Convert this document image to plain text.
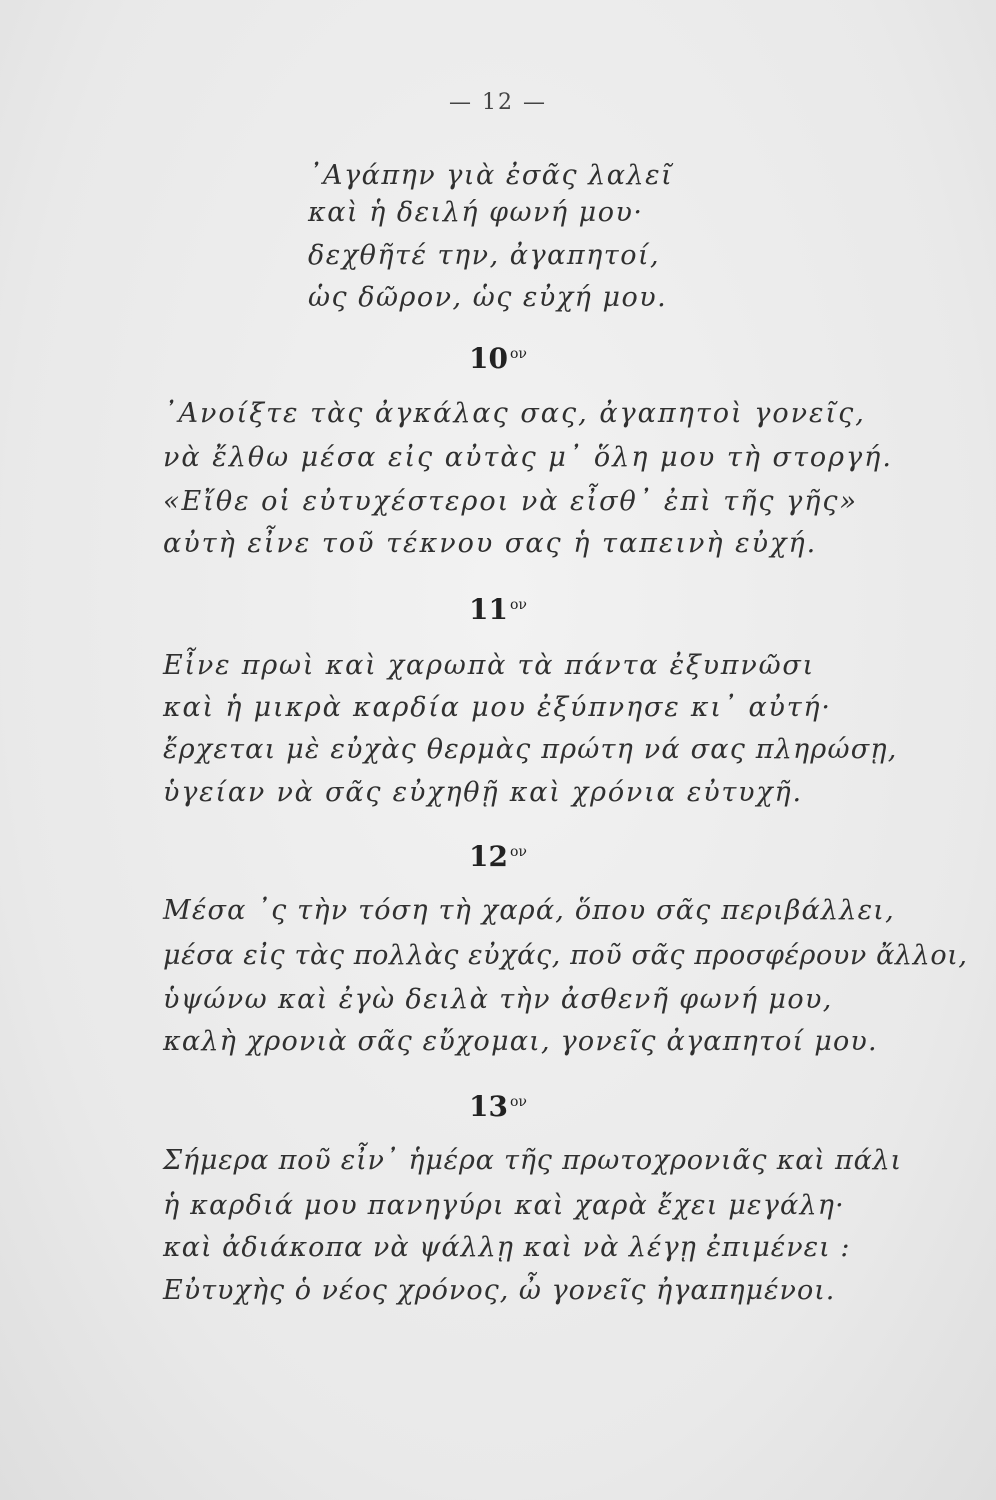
— 12 —
᾽Αγάπην γιὰ ἐσᾶς λαλεῖ
καὶ ἡ δειλή φωνή μου·
δεχθῆτέ την, ἀγαπητοί,
ὡς δῶρον, ὡς εὐχή μου.
10 $^{o\nu}$
᾽Ανοίξτε τὰς ἀγκάλας σας, ἀγαπητοὶ γονεῖς,
νὰ ἔλθω μέσα εἰς αὐτὰς μ᾽ ὅλη μου τὴ στοργή.
«Εἴθε οἱ εὐτυχέστεροι νὰ εἶσθ᾽ ἐπὶ τῆς γῆς»
αὐτὴ εἶνε τοῦ τέκνου σας ἡ ταπεινὴ εὐχή.
11 $^{o\nu}$
Εἶνε πρωὶ καὶ χαρωπὰ τὰ πάντα ἐξυπνῶσι
καὶ ἡ μικρὰ καρδία μου ἐξύπνησε κι᾽ αὐτή·
ἔρχεται μὲ εὐχὰς θερμὰς πρώτη νά σας πληρώσῃ,
ὑγείαν νὰ σᾶς εὐχηθῇ καὶ χρόνια εὐτυχῆ.
12 $^{o\nu}$
Μέσα ᾽ς τὴν τόση τὴ χαρά, ὅπου σᾶς περιβάλλει,
μέσα εἰς τὰς πολλὰς εὐχάς, ποῦ σᾶς προσφέρουν ἄλλοι,
ὑψώνω καὶ ἐγὼ δειλὰ τὴν ἀσθενῆ φωνή μου,
καλὴ χρονιὰ σᾶς εὔχομαι, γονεῖς ἀγαπητοί μου.
13 $^{o\nu}$
Σήμερα ποῦ εἶν᾽ ἡμέρα τῆς πρωτοχρονιᾶς καὶ πάλι
ἡ καρδιά μου πανηγύρι καὶ χαρὰ ἔχει μεγάλη·
καὶ ἀδιάκοπα νὰ ψάλλῃ καὶ νὰ λέγῃ ἐπιμένει :
Εὐτυχὴς ὁ νέος χρόνος, ὦ γονεῖς ἠγαπημένοι.
